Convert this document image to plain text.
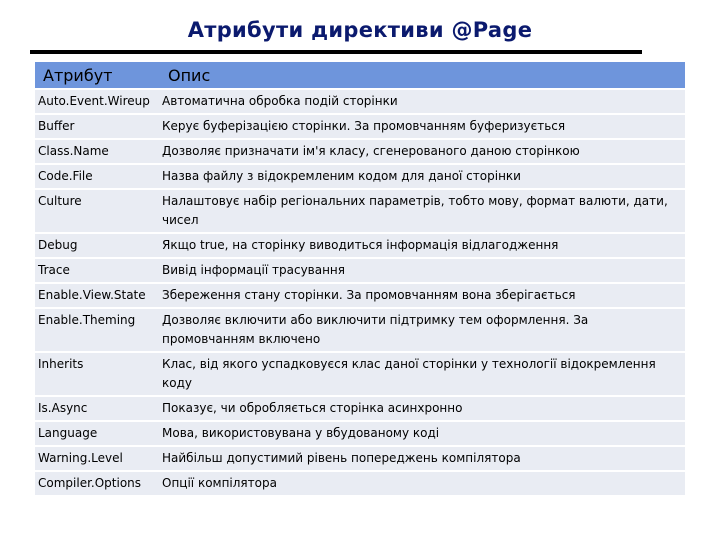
Атрибути директиви @Page
Атрибут	Опис
Auto.Event.Wireup	Автоматична обробка подій сторінки
Buffer	Керує буферізацією сторінки. За промовчанням буферизується
Class.Name	Дозволяє призначати ім'я класу, сгенерованого даною сторінкою
Code.File	Назва файлу з відокремленим кодом для даної сторінки
Culture	Налаштовує набір регіональних параметрів, тобто мову, формат валюти, дати, чисел
Debug	Якщо true, на сторінку виводиться інформація відлагодження
Trace	Вивід інформації трасування
Enable.View.State	Збереження стану сторінки. За промовчанням вона зберігається
Enable.Theming	Дозволяє включити або виключити підтримку тем оформлення. За промовчанням включено
Inherits	Клас, від якого успадковуєся клас даної сторінки у технології відокремлення коду
Is.Async	Показує, чи обробляється сторінка асинхронно
Language	Мова, використовувана у вбудованому коді
Warning.Level	Найбільш допустимий рівень попереджень компілятора
Compiler.Options	Опції компілятора
